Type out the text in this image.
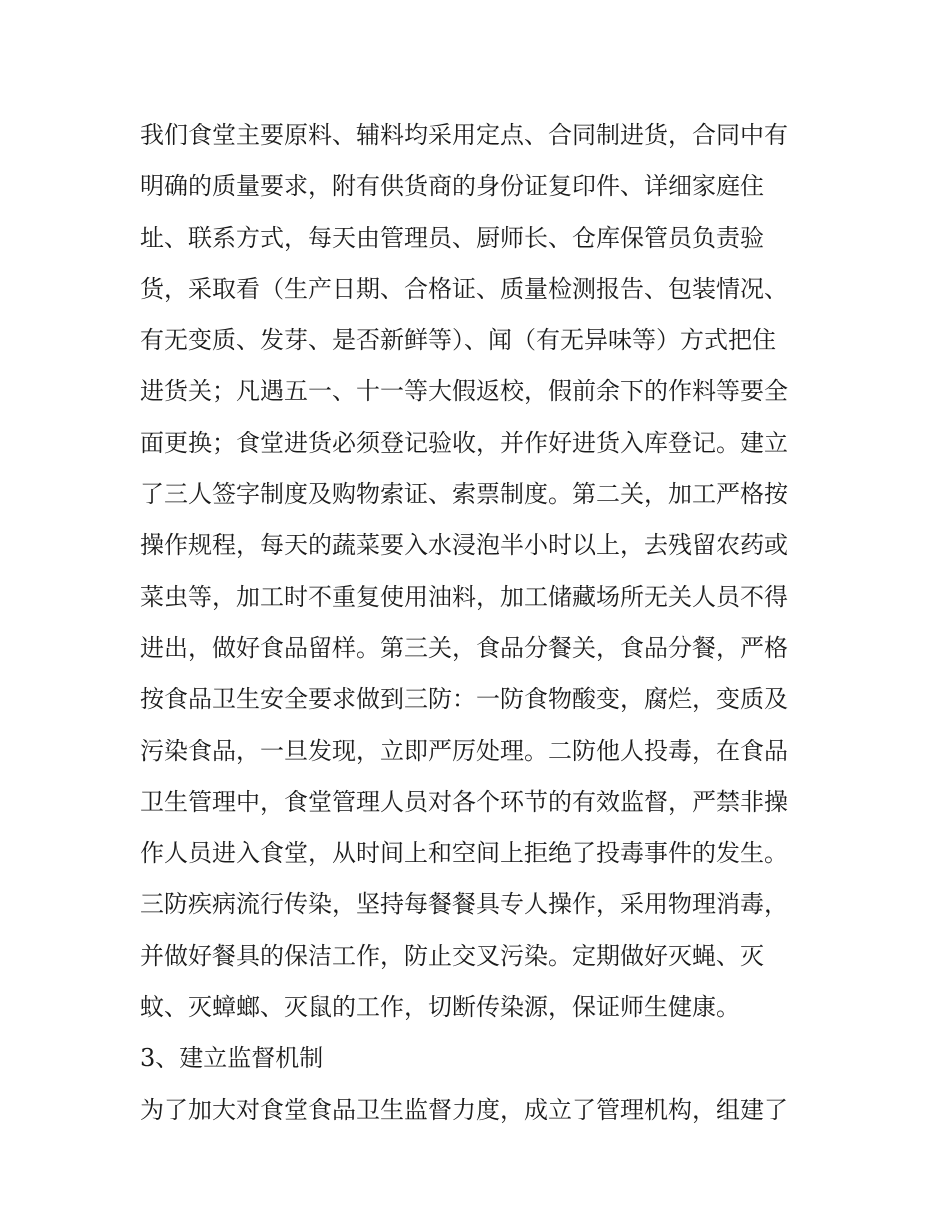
我们食堂主要原料、辅料均采用定点、合同制进货，合同中有
明确的质量要求，附有供货商的身份证复印件、详细家庭住
址、联系方式，每天由管理员、厨师长、仓库保管员负责验
货，采取看（生产日期、合格证、质量检测报告、包装情况、
有无变质、发芽、是否新鲜等）、闻（有无异味等）方式把住
进货关；凡遇五一、十一等大假返校，假前余下的作料等要全
面更换；食堂进货必须登记验收，并作好进货入库登记。建立
了三人签字制度及购物索证、索票制度。第二关，加工严格按
操作规程，每天的蔬菜要入水浸泡半小时以上，去残留农药或
菜虫等，加工时不重复使用油料，加工储藏场所无关人员不得
进出，做好食品留样。第三关，食品分餐关，食品分餐，严格
按食品卫生安全要求做到三防：一防食物酸变，腐烂，变质及
污染食品，一旦发现，立即严厉处理。二防他人投毒，在食品
卫生管理中，食堂管理人员对各个环节的有效监督，严禁非操
作人员进入食堂，从时间上和空间上拒绝了投毒事件的发生。
三防疾病流行传染，坚持每餐餐具专人操作，采用物理消毒，
并做好餐具的保洁工作，防止交叉污染。定期做好灭蝇、灭
蚊、灭蟑螂、灭鼠的工作，切断传染源，保证师生健康。
3、建立监督机制
为了加大对食堂食品卫生监督力度，成立了管理机构，组建了
